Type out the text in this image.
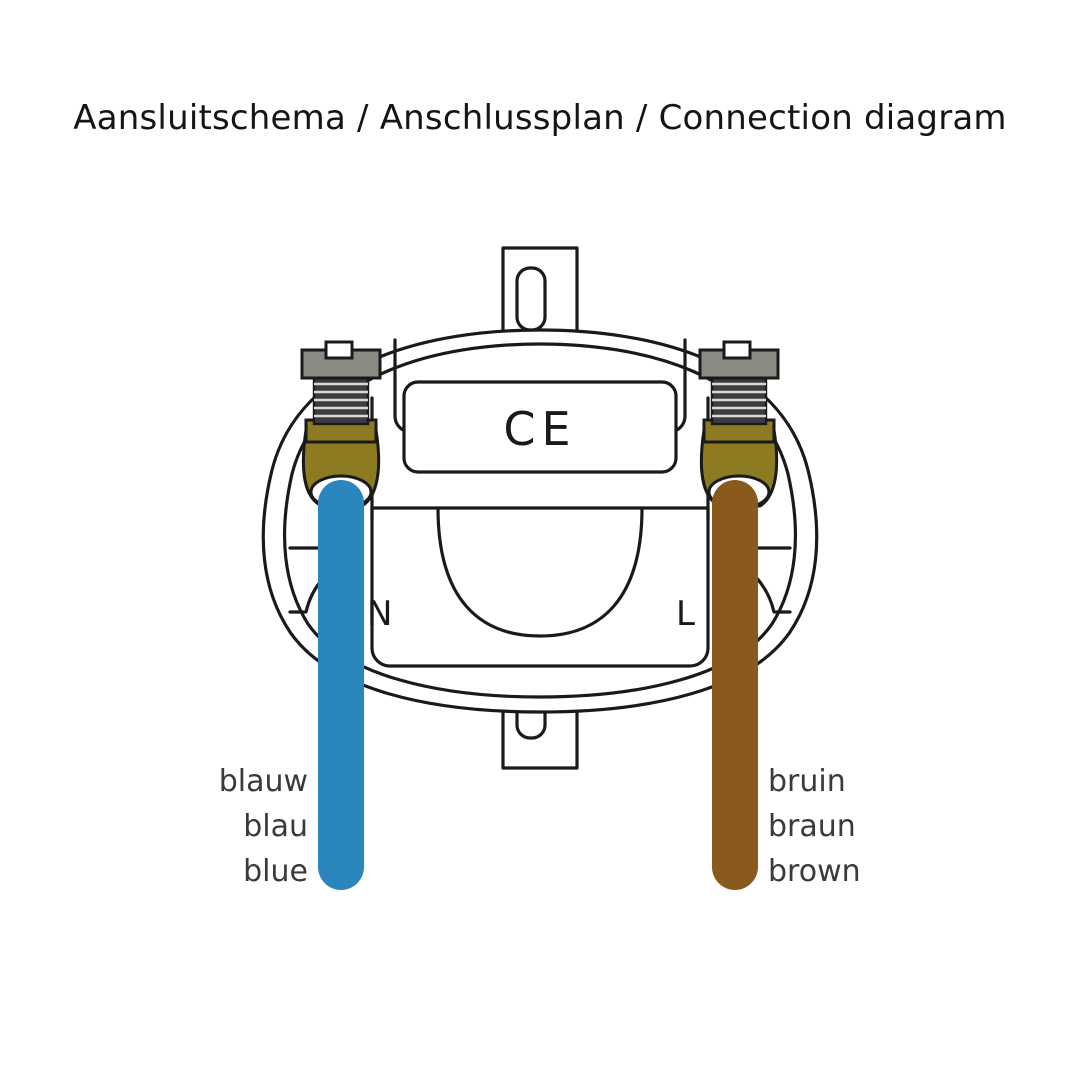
Aansluitschema / Anschlussplan / Connection diagram
N	L
CE
blauw
blau
blue
bruin
braun
brown
